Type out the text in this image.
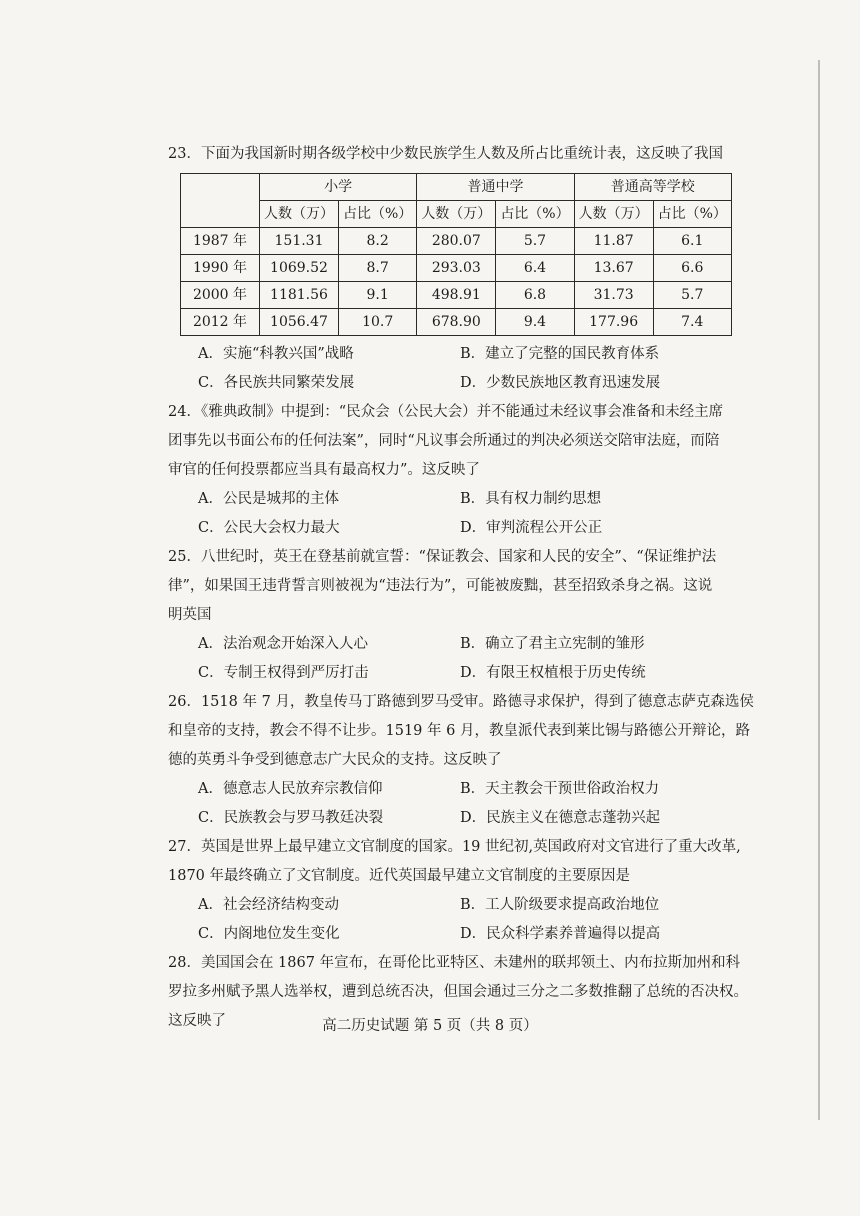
23．下面为我国新时期各级学校中少数民族学生人数及所占比重统计表，这反映了我国
	小学		普通中学		普通高等学校	
	人数（万）	占比（%）	人数（万）	占比（%）	人数（万）	占比（%）
1987 年	151.31	8.2	280.07	5.7	11.87	6.1
1990 年	1069.52	8.7	293.03	6.4	13.67	6.6
2000 年	1181.56	9.1	498.91	6.8	31.73	5.7
2012 年	1056.47	10.7	678.90	9.4	177.96	7.4
A．实施“科教兴国”战略	B．建立了完整的国民教育体系
C．各民族共同繁荣发展	D．少数民族地区教育迅速发展
24．《雅典政制》中提到：“民众会（公民大会）并不能通过未经议事会准备和未经主席
团事先以书面公布的任何法案”，同时“凡议事会所通过的判决必须送交陪审法庭，而陪
审官的任何投票都应当具有最高权力”。这反映了
A．公民是城邦的主体	B．具有权力制约思想
C．公民大会权力最大	D．审判流程公开公正
25．八世纪时，英王在登基前就宣誓：“保证教会、国家和人民的安全”、“保证维护法
律”，如果国王违背誓言则被视为“违法行为”，可能被废黜，甚至招致杀身之祸。这说
明英国
A．法治观念开始深入人心	B．确立了君主立宪制的雏形
C．专制王权得到严厉打击	D．有限王权植根于历史传统
26．1518 年 7 月，教皇传马丁路德到罗马受审。路德寻求保护，得到了德意志萨克森选侯
和皇帝的支持，教会不得不让步。1519 年 6 月，教皇派代表到莱比锡与路德公开辩论，路
德的英勇斗争受到德意志广大民众的支持。这反映了
A．德意志人民放弃宗教信仰	B．天主教会干预世俗政治权力
C．民族教会与罗马教廷决裂	D．民族主义在德意志蓬勃兴起
27．英国是世界上最早建立文官制度的国家。19 世纪初,英国政府对文官进行了重大改革,
1870 年最终确立了文官制度。近代英国最早建立文官制度的主要原因是
A．社会经济结构变动	B．工人阶级要求提高政治地位
C．内阁地位发生变化	D．民众科学素养普遍得以提高
28．美国国会在 1867 年宣布，在哥伦比亚特区、未建州的联邦领土、内布拉斯加州和科
罗拉多州赋予黑人选举权，遭到总统否决，但国会通过三分之二多数推翻了总统的否决权。
这反映了	高二历史试题 第 5 页（共 8 页）
